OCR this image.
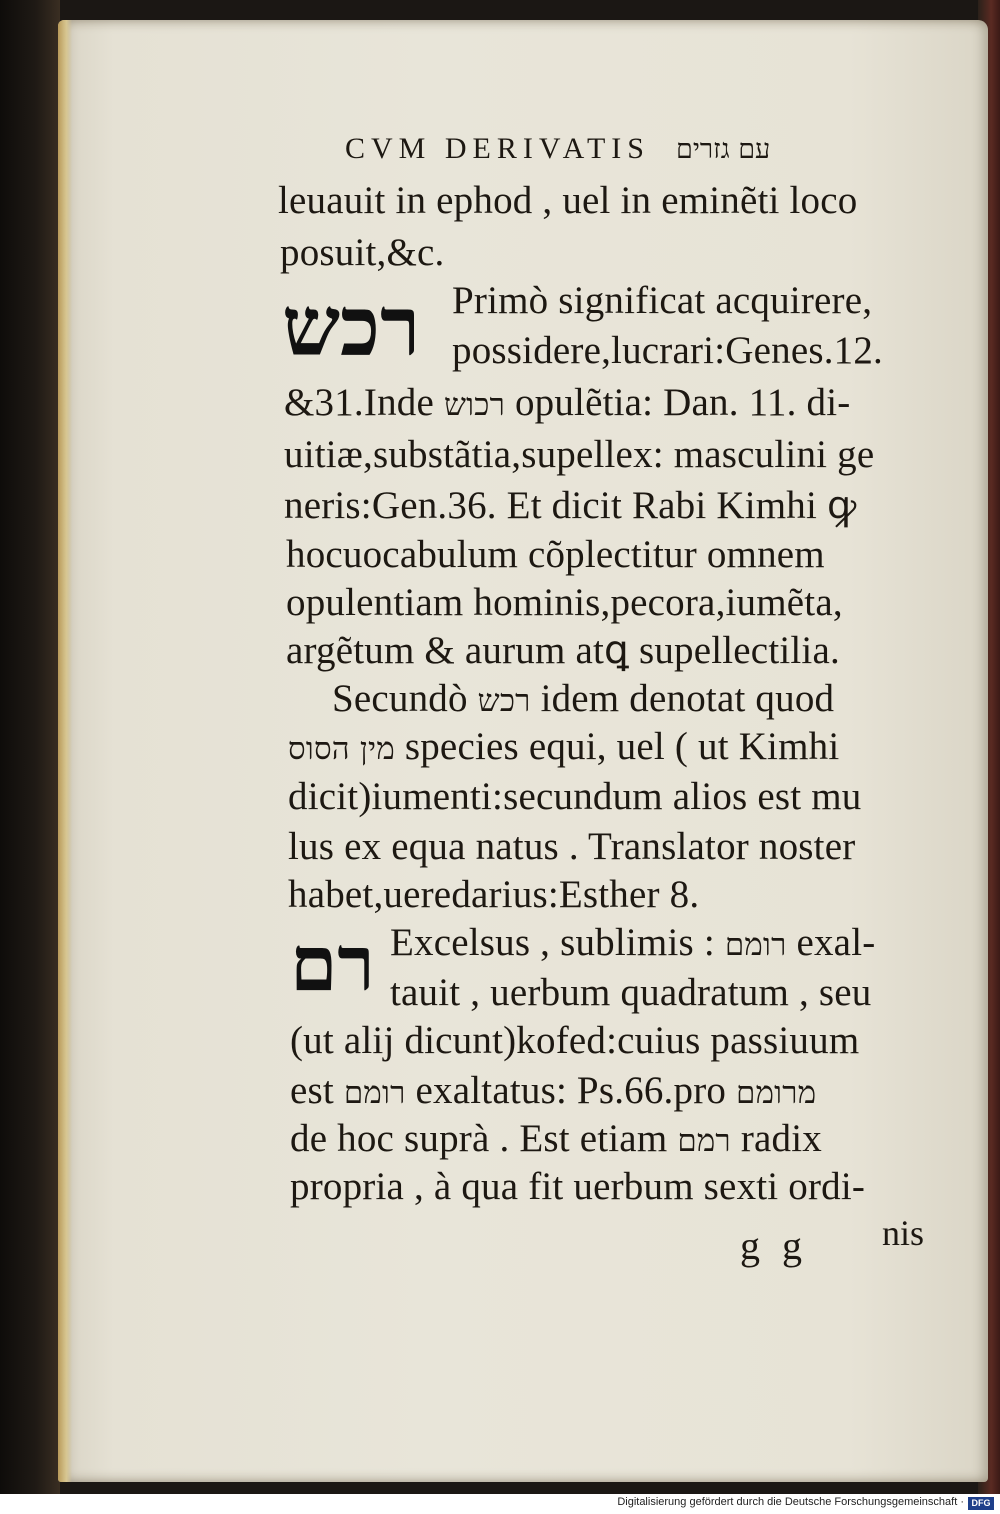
CVM DERIVATIS עם גזרים
leuauit in ephod , uel in eminẽti loco
posuit,&c.
רכש Primò significat acquirere,
possidere,lucrari:Genes.12.
&31.Inde רכוש opulẽtia: Dan. 11. di-
uitiæ,substãtia,supellex: masculini ge
neris:Gen.36. Et dicit Rabi Kimhi ꝙ
hocuocabulum cõplectitur omnem
opulentiam hominis,pecora,iumẽta,
argẽtum & aurum atꝗ supellectilia.
Secundò רכש idem denotat quod
מין הסוס species equi, uel ( ut Kimhi
dicit)iumenti:secundum alios est mu
lus ex equa natus . Translator noster
habet,ueredarius:Esther 8.
רם Excelsus , sublimis : רומם exal-
tauit , uerbum quadratum , seu
(ut alij dicunt)kofed:cuius passiuum
est רומם exaltatus: Ps.66.pro מרומם
de hoc suprà . Est etiam רמם radix
propria , à qua fit uerbum sexti ordi-
g g nis
Digitalisierung gefördert durch die Deutsche Forschungsgemeinschaft · DFG
